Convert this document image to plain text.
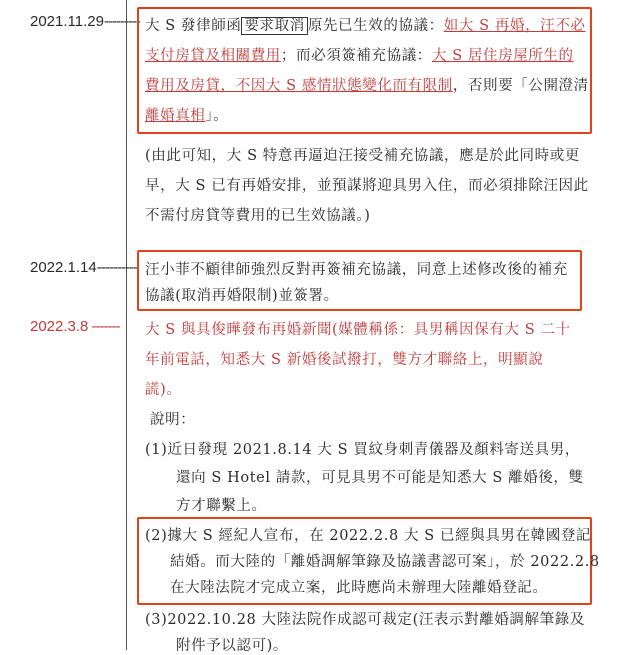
2021.11.29--------- 大 S 發律師函 要求取消 原先已生效的協議：如大 S 再婚，汪不必
支付房貸及相關費用；而必須簽補充協議：大 S 居住房屋所生的
費用及房貸，不因大 S 感情狀態變化而有限制，否則要「公開澄清
離婚真相」。
(由此可知，大 S 特意再逼迫汪接受補充協議，應是於此同時或更
早，大 S 已有再婚安排，並預謀將迎具男入住，而必須排除汪因此
不需付房貸等費用的已生效協議。)
2022.1.14---------- 汪小菲不顧律師強烈反對再簽補充協議，同意上述修改後的補充
協議(取消再婚限制)並簽署。
2022.3.8 ------- 大 S 與具俊曄發布再婚新聞(媒體稱係：具男稱因保有大 S 二十
年前電話，知悉大 S 新婚後試撥打，雙方才聯絡上，明顯說
謊)。
說明：
(1)近日發現 2021.8.14 大 S 買紋身刺青儀器及顏料寄送具男，
還向 S Hotel 請款，可見具男不可能是知悉大 S 離婚後，雙
方才聯繫上。
(2)據大 S 經紀人宣布，在 2022.2.8 大 S 已經與具男在韓國登記
結婚。而大陸的「離婚調解筆錄及協議書認可案」，於 2022.2.8
在大陸法院才完成立案，此時應尚未辦理大陸離婚登記。
(3)2022.10.28 大陸法院作成認可裁定(汪表示對離婚調解筆錄及
附件予以認可)。
